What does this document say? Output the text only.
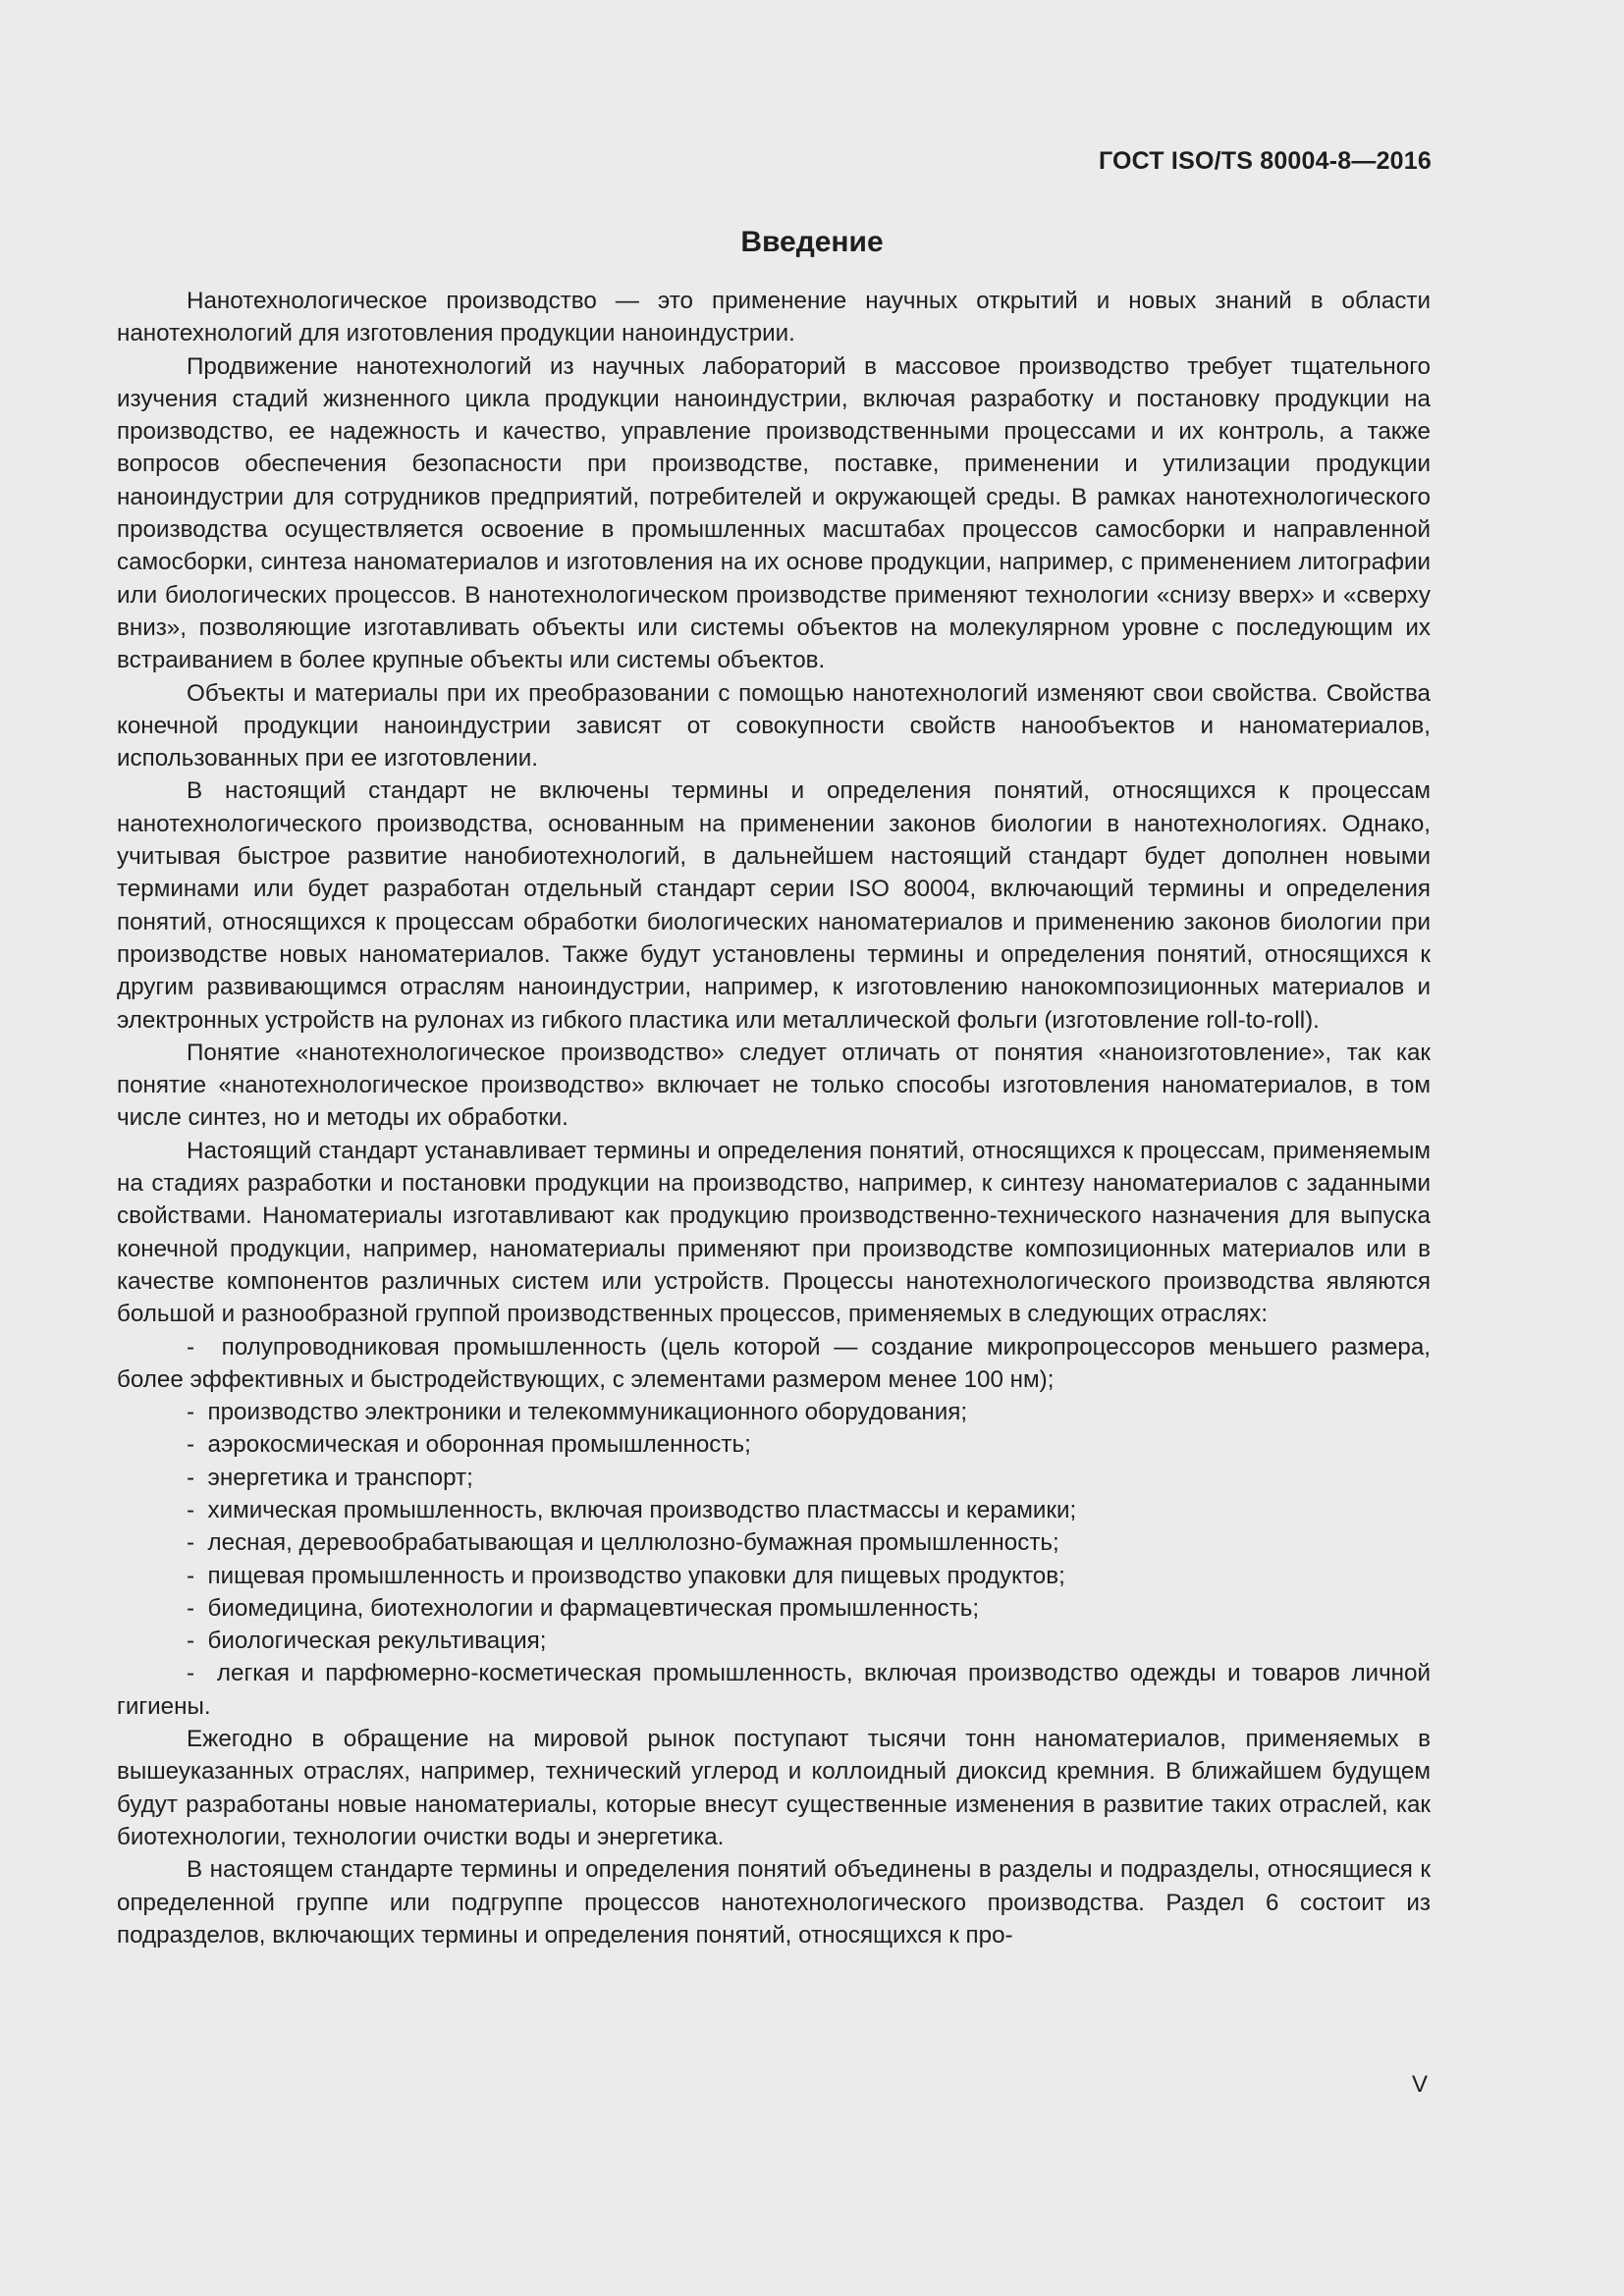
ГОСТ ISO/TS 80004-8—2016
Введение

Нанотехнологическое производство — это применение научных открытий и новых знаний в области нанотехнологий для изготовления продукции наноиндустрии.

Продвижение нанотехнологий из научных лабораторий в массовое производство требует тщательного изучения стадий жизненного цикла продукции наноиндустрии, включая разработку и постановку продукции на производство, ее надежность и качество, управление производственными процессами и их контроль, а также вопросов обеспечения безопасности при производстве, поставке, применении и утилизации продукции наноиндустрии для сотрудников предприятий, потребителей и окружающей среды. В рамках нанотехнологического производства осуществляется освоение в промышленных масштабах процессов самосборки и направленной самосборки, синтеза наноматериалов и изготовления на их основе продукции, например, с применением литографии или биологических процессов. В нанотехнологическом производстве применяют технологии «снизу вверх» и «сверху вниз», позволяющие изготавливать объекты или системы объектов на молекулярном уровне с последующим их встраиванием в более крупные объекты или системы объектов.

Объекты и материалы при их преобразовании с помощью нанотехнологий изменяют свои свойства. Свойства конечной продукции наноиндустрии зависят от совокупности свойств нанообъектов и наноматериалов, использованных при ее изготовлении.

В настоящий стандарт не включены термины и определения понятий, относящихся к процессам нанотехнологического производства, основанным на применении законов биологии в нанотехнологиях. Однако, учитывая быстрое развитие нанобиотехнологий, в дальнейшем настоящий стандарт будет дополнен новыми терминами или будет разработан отдельный стандарт серии ISO 80004, включающий термины и определения понятий, относящихся к процессам обработки биологических наноматериалов и применению законов биологии при производстве новых наноматериалов. Также будут установлены термины и определения понятий, относящихся к другим развивающимся отраслям наноиндустрии, например, к изготовлению нанокомпозиционных материалов и электронных устройств на рулонах из гибкого пластика или металлической фольги (изготовление roll-to-roll).

Понятие «нанотехнологическое производство» следует отличать от понятия «наноизготовление», так как понятие «нанотехнологическое производство» включает не только способы изготовления наноматериалов, в том числе синтез, но и методы их обработки.

Настоящий стандарт устанавливает термины и определения понятий, относящихся к процессам, применяемым на стадиях разработки и постановки продукции на производство, например, к синтезу наноматериалов с заданными свойствами. Наноматериалы изготавливают как продукцию производственно-технического назначения для выпуска конечной продукции, например, наноматериалы применяют при производстве композиционных материалов или в качестве компонентов различных систем или устройств. Процессы нанотехнологического производства являются большой и разнообразной группой производственных процессов, применяемых в следующих отраслях:

-  полупроводниковая промышленность (цель которой — создание микропроцессоров меньшего размера, более эффективных и быстродействующих, с элементами размером менее 100 нм);
-  производство электроники и телекоммуникационного оборудования;
-  аэрокосмическая и оборонная промышленность;
-  энергетика и транспорт;
-  химическая промышленность, включая производство пластмассы и керамики;
-  лесная, деревообрабатывающая и целлюлозно-бумажная промышленность;
-  пищевая промышленность и производство упаковки для пищевых продуктов;
-  биомедицина, биотехнологии и фармацевтическая промышленность;
-  биологическая рекультивация;
-  легкая и парфюмерно-косметическая промышленность, включая производство одежды и товаров личной гигиены.

Ежегодно в обращение на мировой рынок поступают тысячи тонн наноматериалов, применяемых в вышеуказанных отраслях, например, технический углерод и коллоидный диоксид кремния. В ближайшем будущем будут разработаны новые наноматериалы, которые внесут существенные изменения в развитие таких отраслей, как биотехнологии, технологии очистки воды и энергетика.

В настоящем стандарте термины и определения понятий объединены в разделы и подразделы, относящиеся к определенной группе или подгруппе процессов нанотехнологического производства. Раздел 6 состоит из подразделов, включающих термины и определения понятий, относящихся к про-

V
